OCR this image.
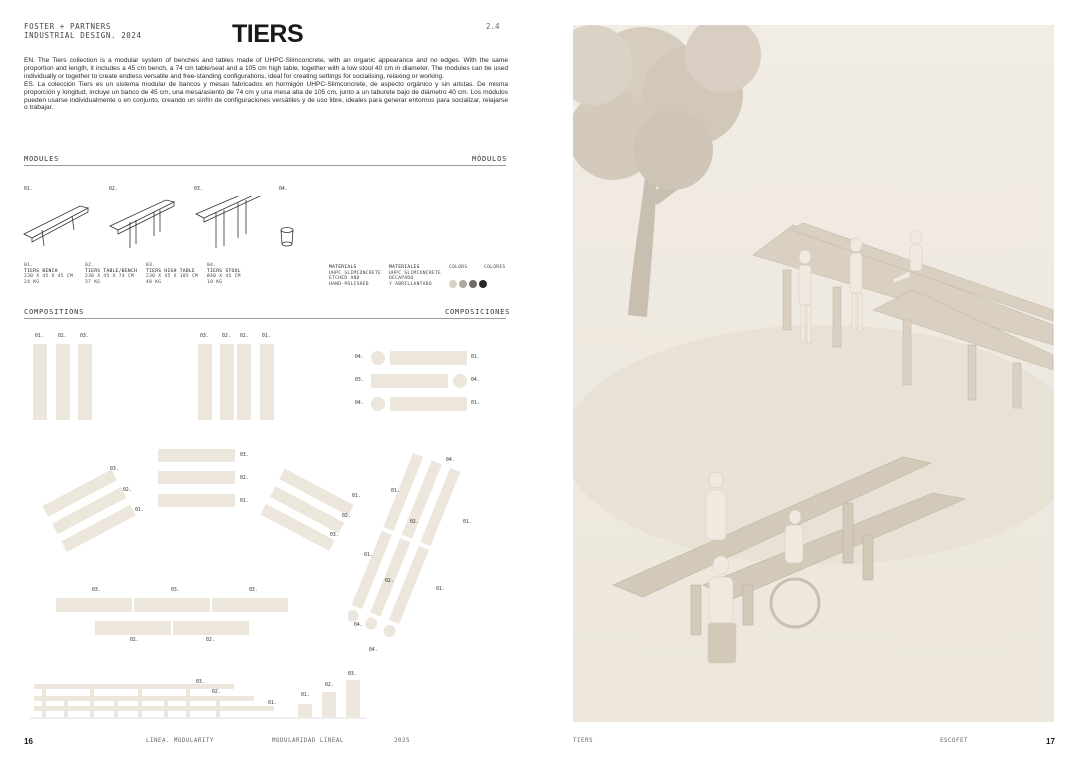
FOSTER + PARTNERS
INDUSTRIAL DESIGN. 2024	TIERS	2.4

EN. The Tiers collection is a modular system of benches and tables made of UHPC-Slimconcrete, with an organic appearance and no edges. With the same proportion and length, it includes a 45 cm bench, a 74 cm table/seat and a 105 cm high table, together with a low stool 40 cm in diameter. The modules can be used individually or together to create endless versatile and free-standing configurations, ideal for creating settings for socialising, relaxing or working.

ES. La colección Tiers es un sistema modular de bancos y mesas fabricados en hormigón UHPC-Slimconcrete, de aspecto orgánico y sin aristas. De misma proporción y longitud, incluye un banco de 45 cm, una mesa/asiento de 74 cm y una mesa alta de 105 cm, junto a un taburete bajo de diámetro 40 cm. Los módulos pueden usarse individualmente o en conjunto, creando un sinfín de configuraciones versátiles y de uso libre, ideales para generar entornos para socializar, relajarse o trabajar.

MODULES	MÓDULOS
01.	02.	03.	04.
01.
TIERS BENCH
230 X 45 X 45 CM
24 KG
02.
TIERS TABLE/BENCH
230 X 45 X 74 CM
37 KG
03.
TIERS HIGH TABLE
230 X 45 X 105 CM
48 KG
04.
TIERS STOOL
Ø40 X 45 CM
18 KG
MATERIALS
UHPC SLIMCONCRETE
ETCHED AND
HAND-POLISHED
MATERIALES
UHPC SLIMCONCRETE
DECAPADO
Y ABRILLANTADO
COLORS	COLORES
COMPOSITIONS	COMPOSICIONES
01.	02.	03.	03.	02. 02.	01.
04.	01.
03.	04.
04.	01.
03.
02.
01.
03.
02.
01.
03.
02.
01.
01.
02.
01.
02.
04.
01.
04.
01.
04.
03.	03.	03.
02.	02.
03.
02.
01.
01.
02.
03.
16	LINEA. MODULARITY	MODULARIDAD LINEAL	2025	TIERS	ESCOFET	17
